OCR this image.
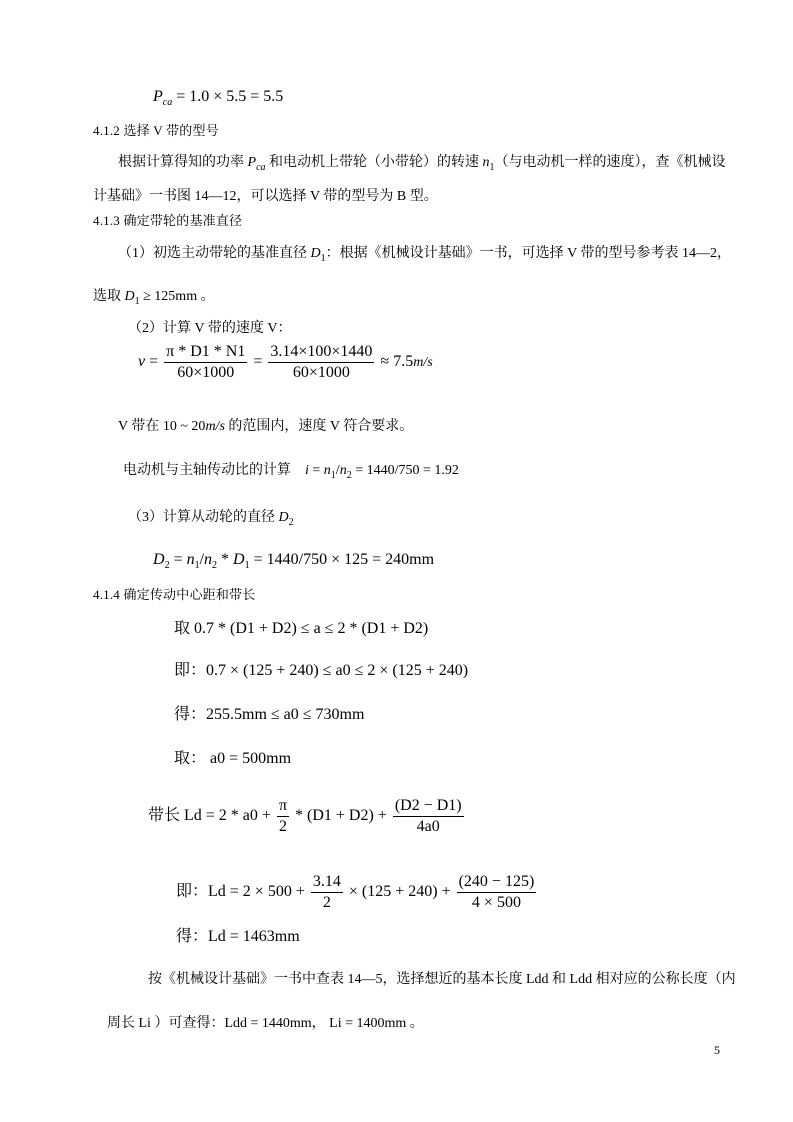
$P_{ca} = 1.0 \times 5.5 = 5.5$
4.1.2 选择 V 带的型号
根据计算得知的功率 $P_{ca}$ 和电动机上带轮（小带轮）的转速 $n_1$（与电动机一样的速度），查《机械设
计基础》一书图 14—12，可以选择 V 带的型号为 B 型。
4.1.3 确定带轮的基准直径
（1）初选主动带轮的基准直径 $D_1$：根据《机械设计基础》一书，可选择 V 带的型号参考表 14—2，
选取 $D_1 \ge 125mm$ 。
（2）计算 V 带的速度 V：
$v = \frac{\pi * D1 * N1}{60\times 1000} = \frac{3.14\times 100\times 1440}{60\times 1000} \approx 7.5m/s$
V 带在 10 ~ 20m/s 的范围内，速度 V 符合要求。
电动机与主轴传动比的计算 $i = n_1/n_2 = 1440/750 = 1.92$
（3）计算从动轮的直径 $D_2$
$D_2 = n_1/n_2 * D_1 = 1440/750 \times 125 = 240mm$
4.1.4 确定传动中心距和带长
取 0.7 * (D1 + D2) ≤ a ≤ 2 * (D1 + D2)
即：0.7 × (125 + 240) ≤ a0 ≤ 2 × (125 + 240)
得：255.5mm ≤ a0 ≤ 730mm
取： a0 = 500mm
带长 $Ld = 2 * a0 + \frac{\pi}{2} * (D1 + D2) + \frac{(D2 - D1)}{4a0}$
即：$Ld = 2 \times 500 + \frac{3.14}{2} \times (125 + 240) + \frac{(240 - 125)}{4 \times 500}$
得：Ld = 1463mm
按《机械设计基础》一书中查表 14—5，选择想近的基本长度 Ldd 和 Ldd 相对应的公称长度（内
周长 Li ）可查得：Ldd = 1440mm， Li = 1400mm 。
5
